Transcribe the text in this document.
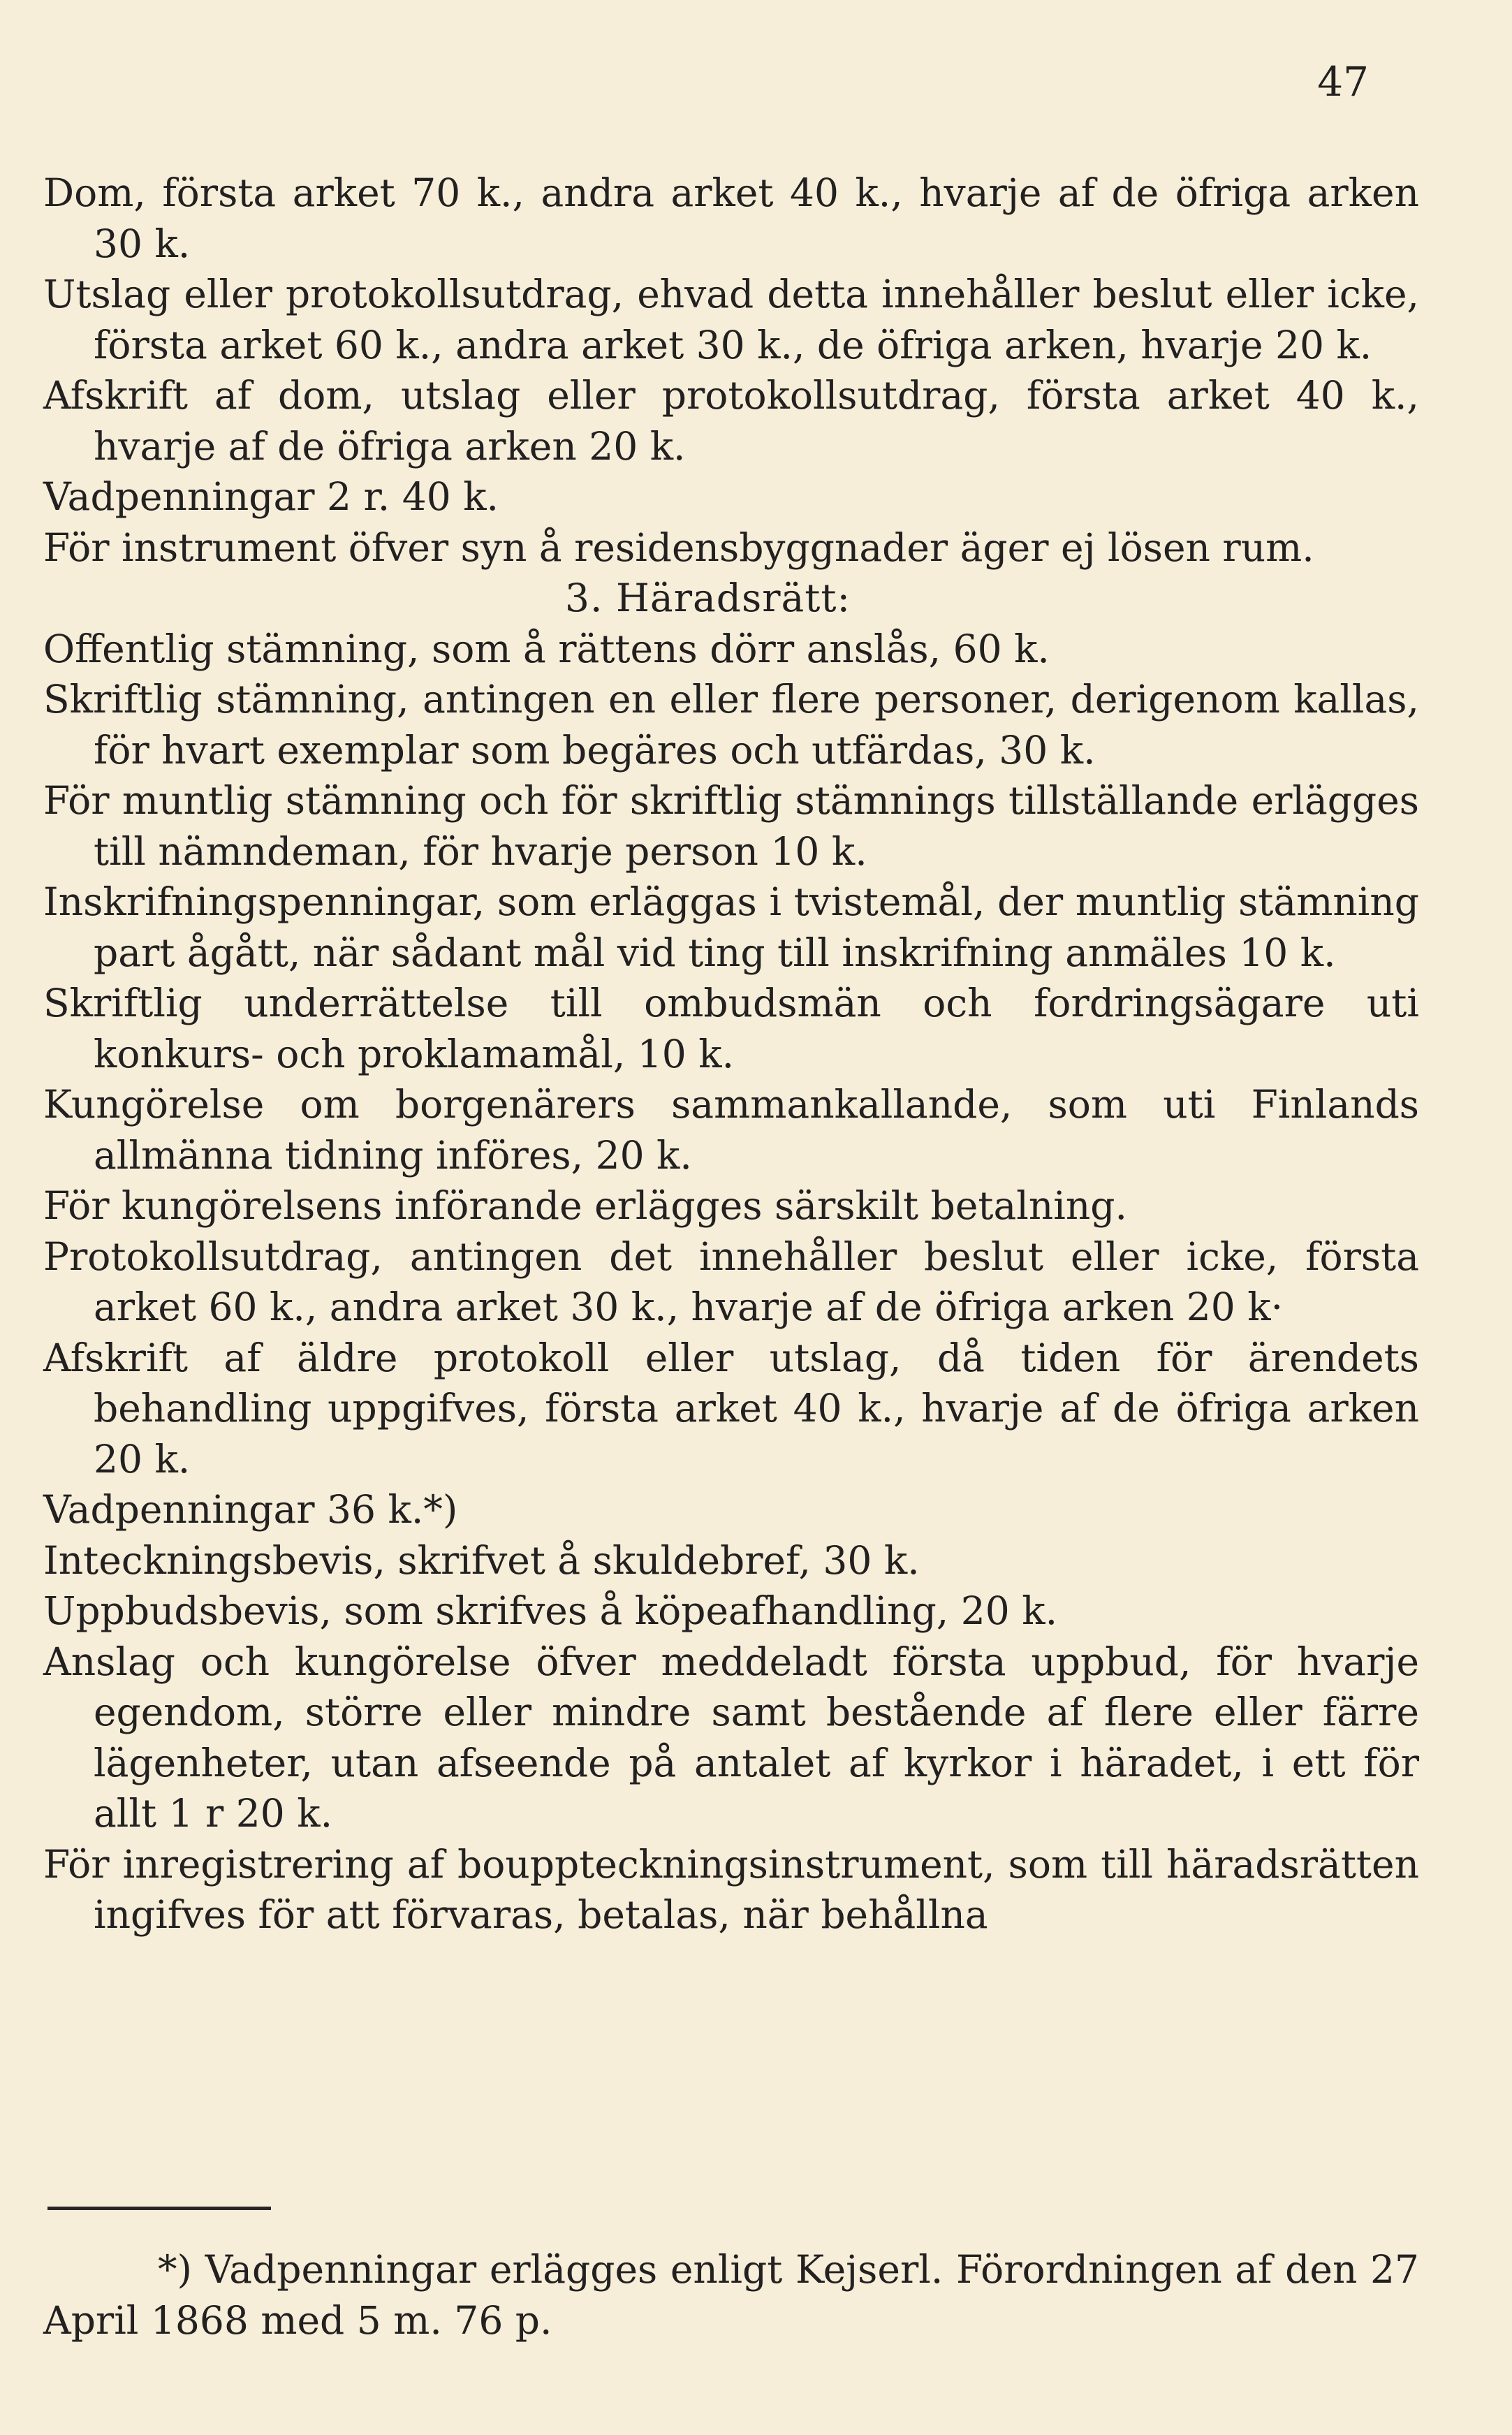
47

Dom, första arket 70 k., andra arket 40 k., hvarje af de öfriga arken 30 k.

Utslag eller protokollsutdrag, ehvad detta innehåller beslut eller icke, första arket 60 k., andra arket 30 k., de öfriga arken, hvarje 20 k.

Afskrift af dom, utslag eller protokollsutdrag, första arket 40 k., hvarje af de öfriga arken 20 k.

Vadpenningar 2 r. 40 k.

För instrument öfver syn å residensbyggnader äger ej lösen rum.

3. Häradsrätt:

Offentlig stämning, som å rättens dörr anslås, 60 k.

Skriftlig stämning, antingen en eller flere personer, derigenom kallas, för hvart exemplar som begäres och utfärdas, 30 k.

För muntlig stämning och för skriftlig stämnings tillställande erlägges till nämndeman, för hvarje person 10 k.

Inskrifningspenningar, som erläggas i tvistemål, der muntlig stämning part ågått, när sådant mål vid ting till inskrifning anmäles 10 k.

Skriftlig underrättelse till ombudsmän och fordringsägare uti konkurs- och proklamamål, 10 k.

Kungörelse om borgenärers sammankallande, som uti Finlands allmänna tidning införes, 20 k.

För kungörelsens införande erlägges särskilt betalning.

Protokollsutdrag, antingen det innehåller beslut eller icke, första arket 60 k., andra arket 30 k., hvarje af de öfriga arken 20 k·

Afskrift af äldre protokoll eller utslag, då tiden för ärendets behandling uppgifves, första arket 40 k., hvarje af de öfriga arken 20 k.

Vadpenningar 36 k.*)

Inteckningsbevis, skrifvet å skuldebref, 30 k.

Uppbudsbevis, som skrifves å köpeafhandling, 20 k.

Anslag och kungörelse öfver meddeladt första uppbud, för hvarje egendom, större eller mindre samt bestående af flere eller färre lägenheter, utan afseende på antalet af kyrkor i häradet, i ett för allt 1 r 20 k.

För inregistrering af bouppteckningsinstrument, som till häradsrätten ingifves för att förvaras, betalas, när behållna

*) Vadpenningar erlägges enligt Kejserl. Förordningen af den 27 April 1868 med 5 m. 76 p.
